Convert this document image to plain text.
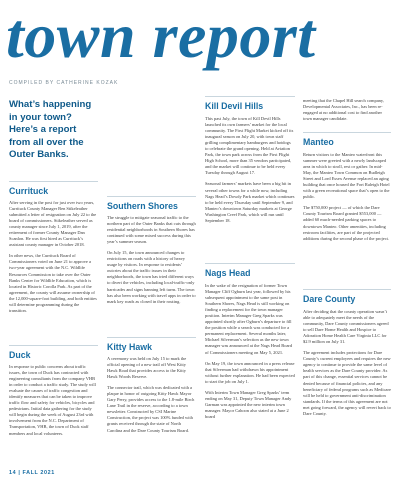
town report
COMPILED BY CATHERINE KOZAK

What’s happening in your town? Here’s a report from all over the Outer Banks.

Currituck

After serving in the post for just over two years, Currituck County Manager Ben Stikeleather submitted a letter of resignation on July 22 to the board of commissioners. Stikeleather served as county manager since July 1, 2019, after the retirement of former County Manager Dan Scanlon. He was first hired as Currituck’s assistant county manager in October 2018.

In other news, the Currituck Board of Commissioners voted on June 21 to approve a two-year agreement with the N.C. Wildlife Resources Commission to take over the Outer Banks Center for Wildlife Education, which is located in Historic Corolla Park. As part of the agreement, the county will assume ownership of the 12,000-square-foot building, and both entities will determine programming during the transition.

Duck

In response to public concerns about traffic issues, the town of Duck has contracted with engineering consultants from the company VHB in order to conduct a traffic study. The study will evaluate the causes of traffic congestion and identify measures that can be taken to improve traffic flow and safety for vehicles, bicycles and pedestrians. Initial data gathering for the study will begin during the week of August 23rd with involvement from the N.C. Department of Transportation, VHB, the town of Duck staff members and local volunteers.

Southern Shores

The struggle to mitigate seasonal traffic to the northern part of the Outer Banks that cuts through residential neighborhoods in Southern Shores has continued with some mixed success during this year’s summer season.

On July 15, the town announced changes to restrictions on roads with a history of heavy usage by visitors. In response to residents’ outcries about the traffic issues in their neighborhoods, the town has tried different ways to divert the vehicles, including local-traffic-only barricades and signs banning left turns. The town has also been working with travel apps in order to mark key roads as closed in their routing.

Kitty Hawk

A ceremony was held on July 15 to mark the official opening of a new trail off West Kitty Hawk Road that provides access to the Kitty Hawk Woods Reserve.

The connector trail, which was dedicated with a plaque in honor of outgoing Kitty Hawk Mayor Gary Perry, provides access to the 1.8-mile Birch Lane Trail in the reserve, according to a town newsletter. Constructed by CSI Marine Construction, the project was 100% funded with grants received through the state of North Carolina and the Dare County Tourism Board.

Kill Devil Hills

This past July, the town of Kill Devil Hills launched its own farmers’ market for the local community. The First Flight Market kicked off its inaugural season on July 20, with town staff grilling complimentary hamburgers and hotdogs to celebrate the grand opening. Held at Aviation Park, the town park across from the First Flight High School, more than 35 vendors participated, and the market will continue to be held every Tuesday through August 17.

Seasonal farmers’ markets have been a big hit in several other towns for a while now, including Nags Head’s Dowdy Park market which continues to be held every Thursday until September 9, and Manteo’s downtown Saturday markets at George Washington Creef Park, which will run until September 18.

Nags Head

In the wake of the resignation of former Town Manager Cliff Ogburn last year, followed by his subsequent appointment to the same post in Southern Shores, Nags Head is still working on finding a replacement for the town manager position. Interim Manager Greg Sparks was appointed shortly after Ogburn’s departure to fill the position while a search was conducted for a permanent replacement. Several months later, Michael Silverman’s selection as the new town manager was announced at the Nags Head Board of Commissioners meeting on May 5, 2021.

On May 19, the town announced in a press release that Silverman had withdrawn his appointment without further explanation. He had been expected to start the job on July 1.

With Interim Town Manager Greg Sparks’ term ending on May 31, Deputy Town Manager Andy Garman was appointed the new interim town manager. Mayor Cahoon also stated at a June 2 board

meeting that the Chapel Hill search company, Developmental Associates, Inc., has been re-engaged at no additional cost to find another town manager candidate.

Manteo

Return visitors to the Manteo waterfront this summer were greeted with a newly landscaped area in which to stroll, rest or gather. In mid-May, the Manteo Town Common on Budleigh Street and Lord Essex Avenue replaced an aging building that once housed the Fort Raleigh Hotel with a green recreational space that’s open to the public.

The $750,000 project — of which the Dare County Tourism Board granted $553,000 — added 60 much-needed parking spaces to downtown Manteo. Other amenities, including restroom facilities, are part of the projected additions during the second phase of the project.

Dare County

After deciding that the county operation wasn’t able to adequately meet the needs of the community, Dare County commissioners agreed to sell Dare Home Health and Hospice to Adoration Home Health Care Virginia LLC for $2.9 million on July 31.

The agreement includes protections for Dare County’s current employees and requires the new agency to continue to provide the same level of health services as the Dare County provider. As part of this change, essential services cannot be denied because of financial policies, and any beneficiary of federal programs such as Medicare will be held to government anti-discrimination standards. If the terms of this agreement are not met going forward, the agency will revert back to Dare County.

14 | FALL 2021
